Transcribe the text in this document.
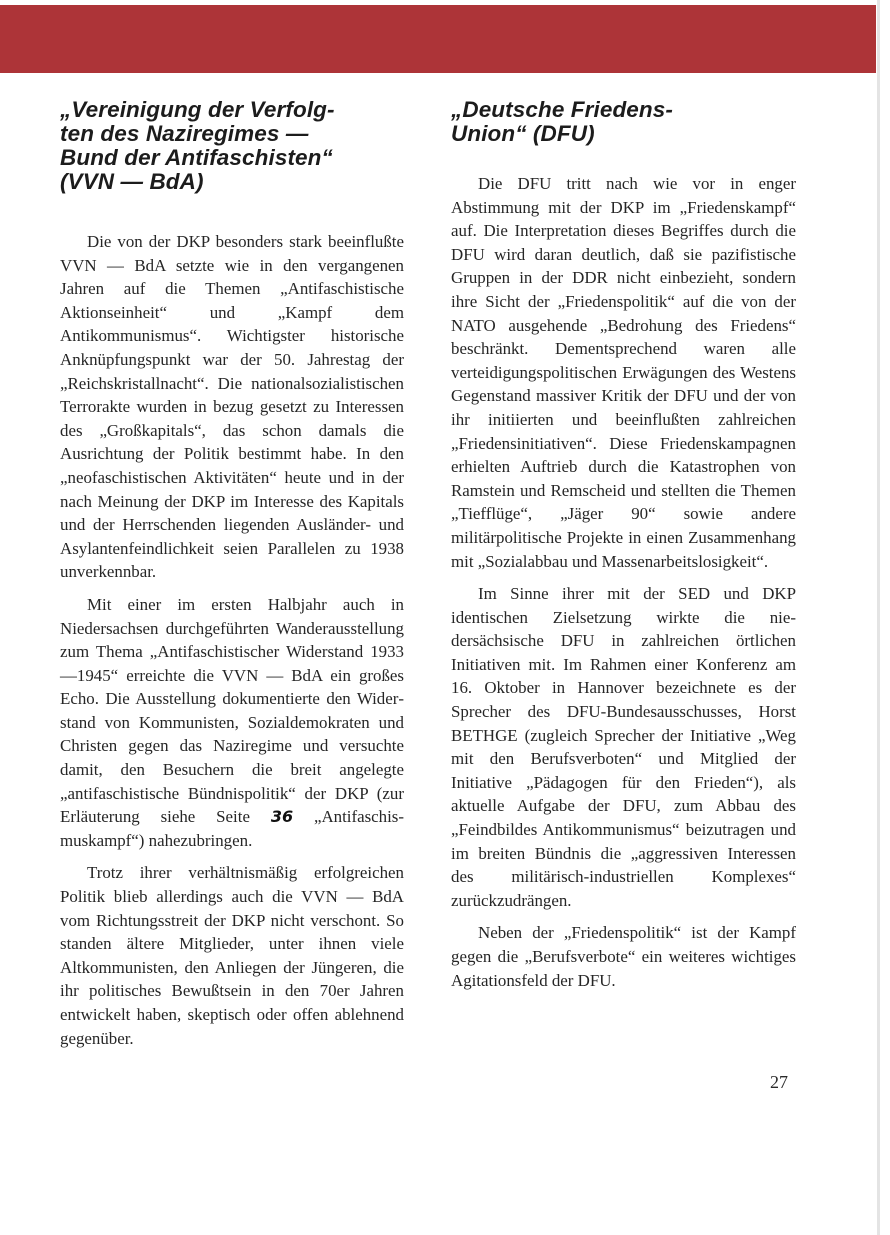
„Vereinigung der Verfolg-
ten des Naziregimes —
Bund der Antifaschisten“
(VVN — BdA)

Die von der DKP besonders stark beeinflußte VVN — BdA setzte wie in den vergangenen Jahren auf die Themen „Antifaschistische Aktionseinheit“ und „Kampf dem Antikommunismus“. Wichtigster historische Anknüpfungspunkt war der 50. Jahrestag der „Reichskristallnacht“. Die nationalsozialistischen Terrorakte wurden in bezug gesetzt zu Interessen des „Großkapitals“, das schon damals die Ausrichtung der Politik bestimmt habe. In den „neofaschistischen Aktivitäten“ heute und in der nach Meinung der DKP im Interesse des Kapitals und der Herrschenden liegenden Ausländer- und Asylantenfeindlichkeit seien Parallelen zu 1938 unverkennbar.

Mit einer im ersten Halbjahr auch in Niedersachsen durchgeführten Wanderausstellung zum Thema „Antifaschistischer Widerstand 1933—1945“ erreichte die VVN — BdA ein großes Echo. Die Ausstellung dokumentierte den Widerstand von Kommunisten, Sozialdemokraten und Christen gegen das Naziregime und versuchte damit, den Besuchern die breit angelegte „antifaschistische Bündnispolitik“ der DKP (zur Erläuterung siehe Seite 36 „Antifaschismuskampf“) nahezubringen.

Trotz ihrer verhältnismäßig erfolgreichen Politik blieb allerdings auch die VVN — BdA vom Richtungsstreit der DKP nicht verschont. So standen ältere Mitglieder, unter ihnen viele Altkommunisten, den Anliegen der Jüngeren, die ihr politisches Bewußtsein in den 70er Jahren entwickelt haben, skeptisch oder offen ablehnend gegenüber.

„Deutsche Friedens-
Union“ (DFU)

Die DFU tritt nach wie vor in enger Abstimmung mit der DKP im „Friedenskampf“ auf. Die Interpretation dieses Begriffes durch die DFU wird daran deutlich, daß sie pazifistische Gruppen in der DDR nicht einbezieht, sondern ihre Sicht der „Friedenspolitik“ auf die von der NATO ausgehende „Bedrohung des Friedens“ beschränkt. Dementsprechend waren alle verteidigungspolitischen Erwägungen des Westens Gegenstand massiver Kritik der DFU und der von ihr initiierten und beeinflußten zahlreichen „Friedensinitiativen“. Diese Friedenskampagnen erhielten Auftrieb durch die Katastrophen von Ramstein und Remscheid und stellten die Themen „Tiefflüge“, „Jäger 90“ sowie andere militärpolitische Projekte in einen Zusammenhang mit „Sozialabbau und Massenarbeitslosigkeit“.

Im Sinne ihrer mit der SED und DKP identischen Zielsetzung wirkte die niedersächsische DFU in zahlreichen örtlichen Initiativen mit. Im Rahmen einer Konferenz am 16. Oktober in Hannover bezeichnete es der Sprecher des DFU-Bundesausschusses, Horst BETHGE (zugleich Sprecher der Initiative „Weg mit den Berufsverboten“ und Mitglied der Initiative „Pädagogen für den Frieden“), als aktuelle Aufgabe der DFU, zum Abbau des „Feindbildes Antikommunismus“ beizutragen und im breiten Bündnis die „aggressiven Interessen des militärisch-industriellen Komplexes“ zurückzudrängen.

Neben der „Friedenspolitik“ ist der Kampf gegen die „Berufsverbote“ ein weiteres wichtiges Agitationsfeld der DFU.

27
